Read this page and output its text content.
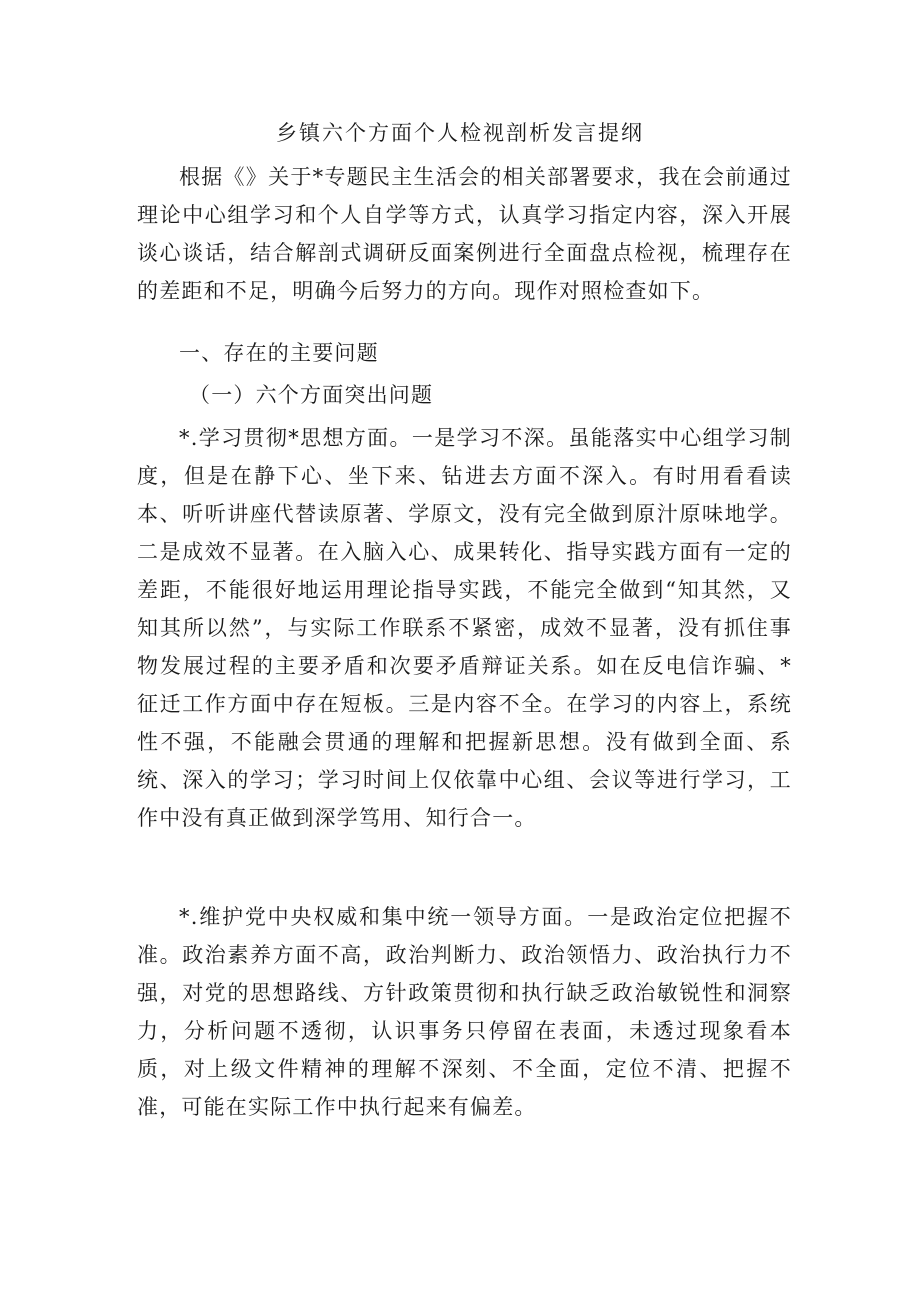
乡镇六个方面个人检视剖析发言提纲

根据《》关于*专题民主生活会的相关部署要求，我在会前通过理论中心组学习和个人自学等方式，认真学习指定内容，深入开展谈心谈话，结合解剖式调研反面案例进行全面盘点检视，梳理存在的差距和不足，明确今后努力的方向。现作对照检查如下。

一、存在的主要问题

（一）六个方面突出问题

*.学习贯彻*思想方面。一是学习不深。虽能落实中心组学习制度，但是在静下心、坐下来、钻进去方面不深入。有时用看看读本、听听讲座代替读原著、学原文，没有完全做到原汁原味地学。二是成效不显著。在入脑入心、成果转化、指导实践方面有一定的差距，不能很好地运用理论指导实践，不能完全做到“知其然，又知其所以然”，与实际工作联系不紧密，成效不显著，没有抓住事物发展过程的主要矛盾和次要矛盾辩证关系。如在反电信诈骗、*征迁工作方面中存在短板。三是内容不全。在学习的内容上，系统性不强，不能融会贯通的理解和把握新思想。没有做到全面、系统、深入的学习；学习时间上仅依靠中心组、会议等进行学习，工作中没有真正做到深学笃用、知行合一。

*.维护党中央权威和集中统一领导方面。一是政治定位把握不准。政治素养方面不高，政治判断力、政治领悟力、政治执行力不强，对党的思想路线、方针政策贯彻和执行缺乏政治敏锐性和洞察力，分析问题不透彻，认识事务只停留在表面，未透过现象看本质，对上级文件精神的理解不深刻、不全面，定位不清、把握不准，可能在实际工作中执行起来有偏差。
